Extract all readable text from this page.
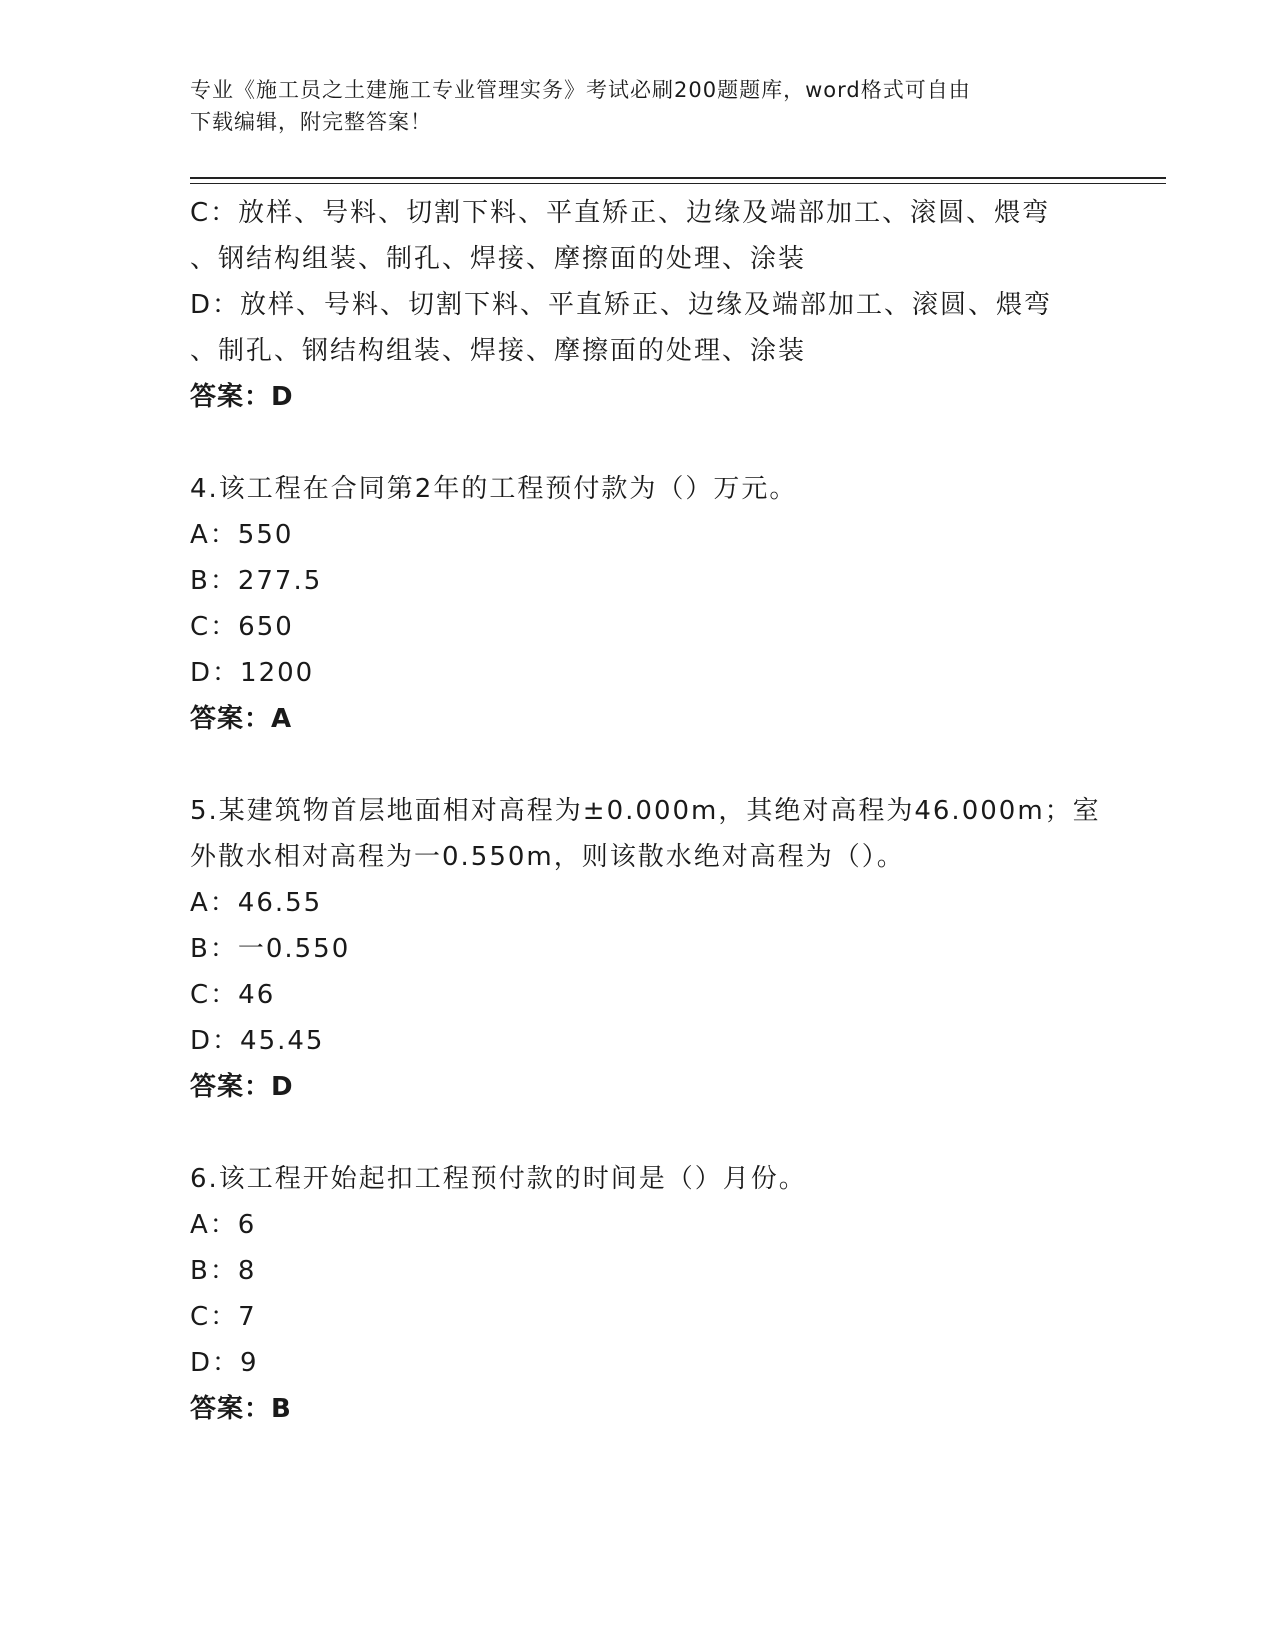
专业《施工员之土建施工专业管理实务》考试必刷200题题库，word格式可自由
下载编辑，附完整答案！
C：放样、号料、切割下料、平直矫正、边缘及端部加工、滚圆、煨弯
、钢结构组装、制孔、焊接、摩擦面的处理、涂装
D：放样、号料、切割下料、平直矫正、边缘及端部加工、滚圆、煨弯
、制孔、钢结构组装、焊接、摩擦面的处理、涂装
答案：D
4.该工程在合同第2年的工程预付款为（）万元。
A：550
B：277.5
C：650
D：1200
答案：A
5.某建筑物首层地面相对高程为±0.000m，其绝对高程为46.000m；室
外散水相对高程为一0.550m，则该散水绝对高程为（）。
A：46.55
B：一0.550
C：46
D：45.45
答案：D
6.该工程开始起扣工程预付款的时间是（）月份。
A：6
B：8
C：7
D：9
答案：B
